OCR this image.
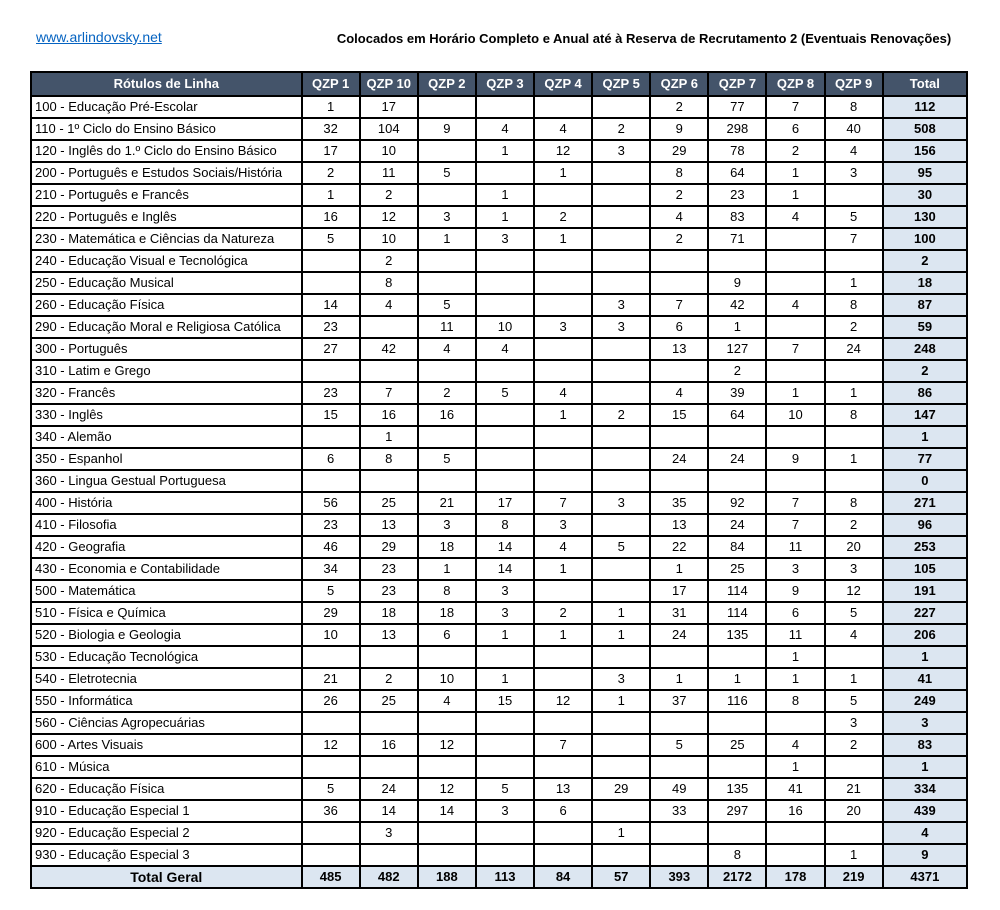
www.arlindovsky.net	Colocados em Horário Completo e Anual até à Reserva de Recrutamento 2 (Eventuais Renovações)
Rótulos de Linha	QZP 1	QZP 10	QZP 2	QZP 3	QZP 4	QZP 5	QZP 6	QZP 7	QZP 8	QZP 9	Total
100 - Educação Pré-Escolar	1	17					2	77	7	8	112
110 - 1º Ciclo do Ensino Básico	32	104	9	4	4	2	9	298	6	40	508
120 - Inglês do 1.º Ciclo do Ensino Básico	17	10		1	12	3	29	78	2	4	156
200 - Português e Estudos Sociais/História	2	11	5		1		8	64	1	3	95
210 - Português e Francês	1	2		1			2	23	1		30
220 - Português e Inglês	16	12	3	1	2		4	83	4	5	130
230 - Matemática e Ciências da Natureza	5	10	1	3	1		2	71		7	100
240 - Educação Visual e Tecnológica		2									2
250 - Educação Musical		8						9		1	18
260 - Educação Física	14	4	5			3	7	42	4	8	87
290 - Educação Moral e Religiosa Católica	23		11	10	3	3	6	1		2	59
300 - Português	27	42	4	4			13	127	7	24	248
310 - Latim e Grego								2			2
320 - Francês	23	7	2	5	4		4	39	1	1	86
330 - Inglês	15	16	16		1	2	15	64	10	8	147
340 - Alemão		1									1
350 - Espanhol	6	8	5				24	24	9	1	77
360 - Lingua Gestual Portuguesa											0
400 - História	56	25	21	17	7	3	35	92	7	8	271
410 - Filosofia	23	13	3	8	3		13	24	7	2	96
420 - Geografia	46	29	18	14	4	5	22	84	11	20	253
430 - Economia e Contabilidade	34	23	1	14	1		1	25	3	3	105
500 - Matemática	5	23	8	3			17	114	9	12	191
510 - Física e Química	29	18	18	3	2	1	31	114	6	5	227
520 - Biologia e Geologia	10	13	6	1	1	1	24	135	11	4	206
530 - Educação Tecnológica									1		1
540 - Eletrotecnia	21	2	10	1		3	1	1	1	1	41
550 - Informática	26	25	4	15	12	1	37	116	8	5	249
560 - Ciências Agropecuárias										3	3
600 - Artes Visuais	12	16	12		7		5	25	4	2	83
610 - Música									1		1
620 - Educação Física	5	24	12	5	13	29	49	135	41	21	334
910 - Educação Especial 1	36	14	14	3	6		33	297	16	20	439
920 - Educação Especial 2		3				1					4
930 - Educação Especial 3								8		1	9
Total Geral	485	482	188	113	84	57	393	2172	178	219	4371
